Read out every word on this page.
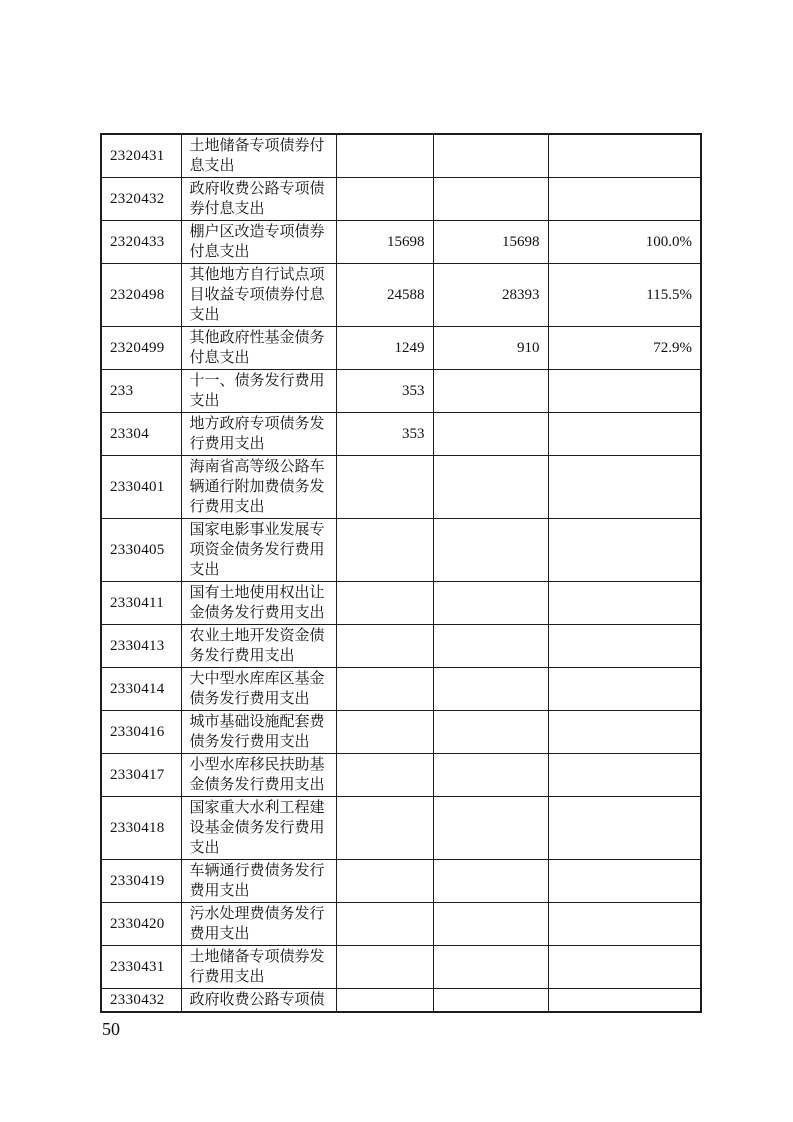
2320431	土地储备专项债券付息支出			
2320432	政府收费公路专项债券付息支出			
2320433	棚户区改造专项债券付息支出	15698	15698	100.0%
2320498	其他地方自行试点项目收益专项债券付息支出	24588	28393	115.5%
2320499	其他政府性基金债务付息支出	1249	910	72.9%
233	十一、债务发行费用支出	353		
23304	地方政府专项债务发行费用支出	353		
2330401	海南省高等级公路车辆通行附加费债务发行费用支出			
2330405	国家电影事业发展专项资金债务发行费用支出			
2330411	国有土地使用权出让金债务发行费用支出			
2330413	农业土地开发资金债务发行费用支出			
2330414	大中型水库库区基金债务发行费用支出			
2330416	城市基础设施配套费债务发行费用支出			
2330417	小型水库移民扶助基金债务发行费用支出			
2330418	国家重大水利工程建设基金债务发行费用支出			
2330419	车辆通行费债务发行费用支出			
2330420	污水处理费债务发行费用支出			
2330431	土地储备专项债券发行费用支出			
2330432	政府收费公路专项债			
50
